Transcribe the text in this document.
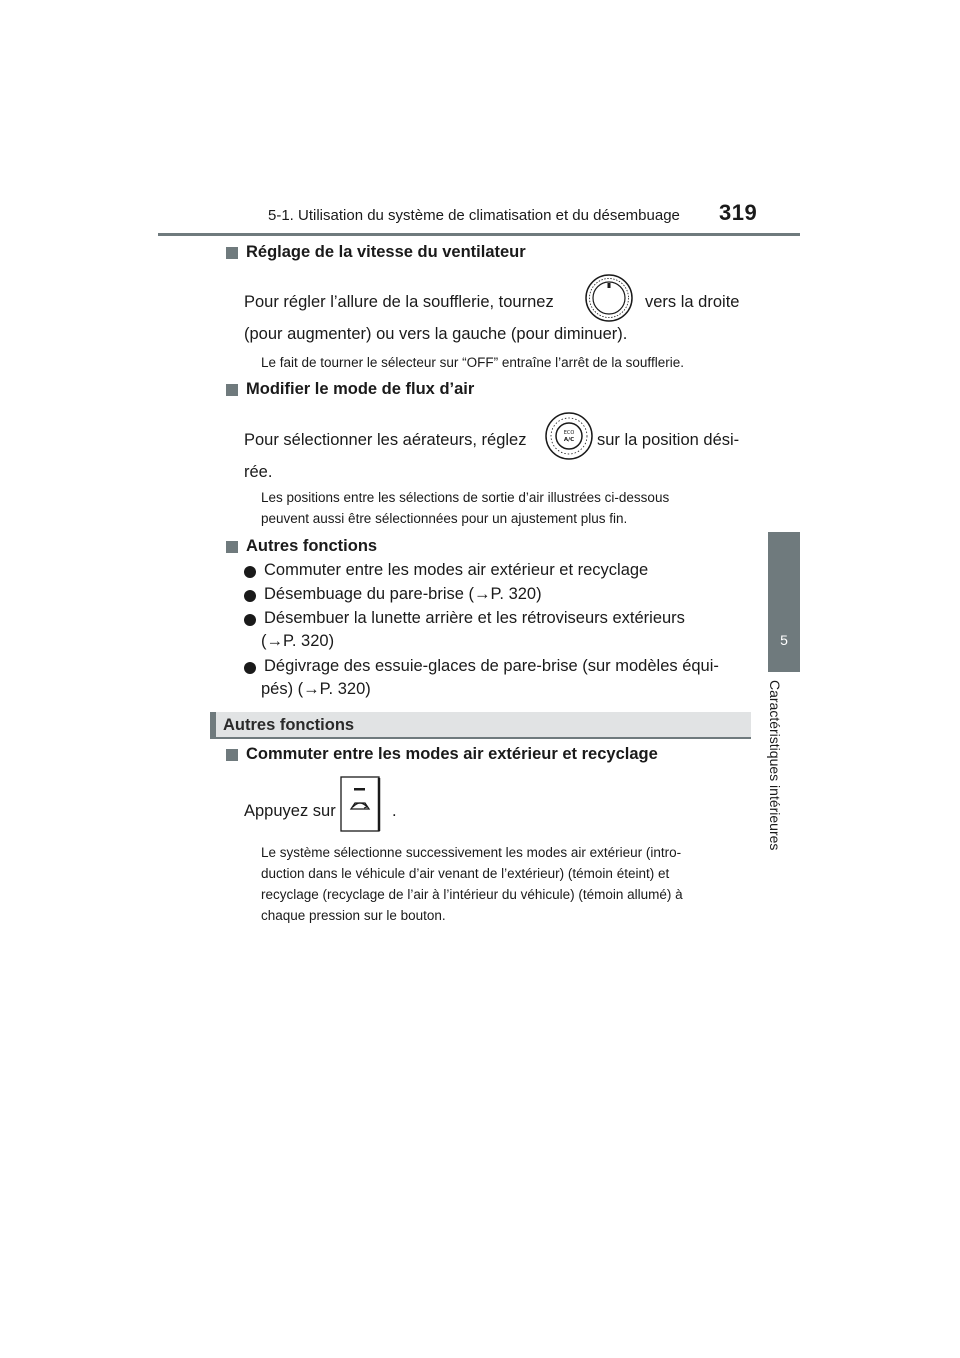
5-1. Utilisation du système de climatisation et du désembuage 319
5
Caractéristiques intérieures
Réglage de la vitesse du ventilateur
Pour régler l’allure de la soufflerie, tournez	vers la droite
(pour augmenter) ou vers la gauche (pour diminuer).
Le fait de tourner le sélecteur sur “OFF” entraîne l’arrêt de la soufflerie.
Modifier le mode de flux d’air
Pour sélectionner les aérateurs, réglez	ECO
A/C sur la position dési-
rée.
Les positions entre les sélections de sortie d’air illustrées ci-dessous
peuvent aussi être sélectionnées pour un ajustement plus fin.
Autres fonctions
Commuter entre les modes air extérieur et recyclage
Désembuage du pare-brise (→P. 320)
Désembuer la lunette arrière et les rétroviseurs extérieurs
(→P. 320)
Dégivrage des essuie-glaces de pare-brise (sur modèles équi-
pés) (→P. 320)
Autres fonctions
Commuter entre les modes air extérieur et recyclage
Appuyez sur	.
Le système sélectionne successivement les modes air extérieur (intro-
duction dans le véhicule d’air venant de l’extérieur) (témoin éteint) et
recyclage (recyclage de l’air à l’intérieur du véhicule) (témoin allumé) à
chaque pression sur le bouton.
